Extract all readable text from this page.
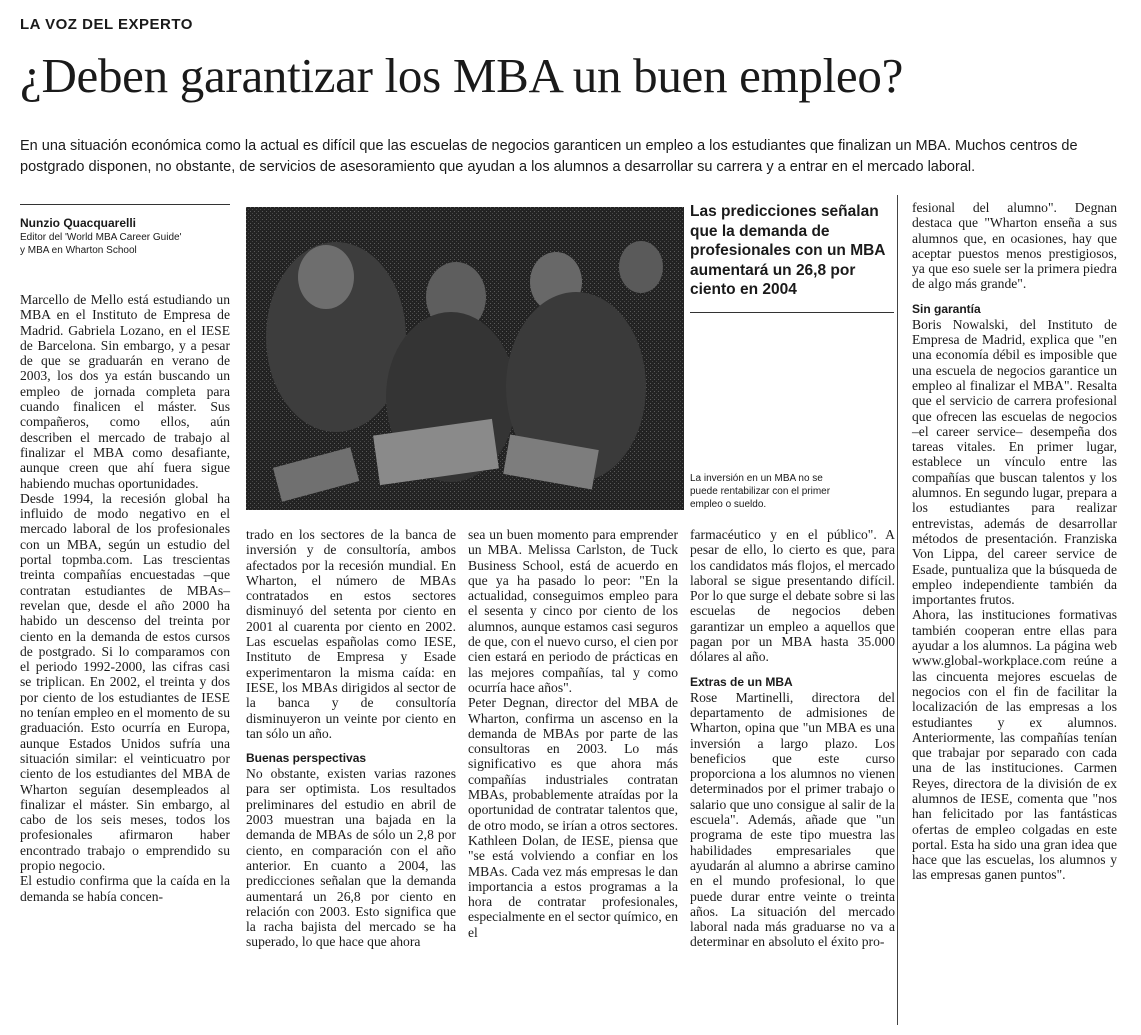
LA VOZ DEL EXPERTO
¿Deben garantizar los MBA un buen empleo?
En una situación económica como la actual es difícil que las escuelas de negocios garanticen un empleo a los estudiantes que finalizan un MBA. Muchos centros de postgrado disponen, no obstante, de servicios de asesoramiento que ayudan a los alumnos a desarrollar su carrera y a entrar en el mercado laboral.
Nunzio Quacquarelli
Editor del 'World MBA Career Guide'
y MBA en Wharton School

Marcello de Mello está estudiando un MBA en el Instituto de Empresa de Madrid. Gabriela Lozano, en el IESE de Barcelona. Sin embargo, y a pesar de que se graduarán en verano de 2003, los dos ya están buscando un empleo de jornada completa para cuando finalicen el máster. Sus compañeros, como ellos, aún describen el mercado de trabajo al finalizar el MBA como desafiante, aunque creen que ahí fuera sigue habiendo muchas oportunidades.

Desde 1994, la recesión global ha influido de modo negativo en el mercado laboral de los profesionales con un MBA, según un estudio del portal topmba.com. Las trescientas treinta compañías encuestadas –que contratan estudiantes de MBAs– revelan que, desde el año 2000 ha habido un descenso del treinta por ciento en la demanda de estos cursos de postgrado. Si lo comparamos con el periodo 1992-2000, las cifras casi se triplican. En 2002, el treinta y dos por ciento de los estudiantes de IESE no tenían empleo en el momento de su graduación. Esto ocurría en Europa, aunque Estados Unidos sufría una situación similar: el veinticuatro por ciento de los estudiantes del MBA de Wharton seguían desempleados al finalizar el máster. Sin embargo, al cabo de los seis meses, todos los profesionales afirmaron haber encontrado trabajo o emprendido su propio negocio.

El estudio confirma que la caída en la demanda se había concen-

Las predicciones señalan que la demanda de profesionales con un MBA aumentará un 26,8 por ciento en 2004
La inversión en un MBA no se puede rentabilizar con el primer empleo o sueldo.

trado en los sectores de la banca de inversión y de consultoría, ambos afectados por la recesión mundial. En Wharton, el número de MBAs contratados en estos sectores disminuyó del setenta por ciento en 2001 al cuarenta por ciento en 2002. Las escuelas españolas como IESE, Instituto de Empresa y Esade experimentaron la misma caída: en IESE, los MBAs dirigidos al sector de la banca y de consultoría disminuyeron un veinte por ciento en tan sólo un año.

Buenas perspectivas

No obstante, existen varias razones para ser optimista. Los resultados preliminares del estudio en abril de 2003 muestran una bajada en la demanda de MBAs de sólo un 2,8 por ciento, en comparación con el año anterior. En cuanto a 2004, las predicciones señalan que la demanda aumentará un 26,8 por ciento en relación con 2003. Esto significa que la racha bajista del mercado se ha superado, lo que hace que ahora

sea un buen momento para emprender un MBA. Melissa Carlston, de Tuck Business School, está de acuerdo en que ya ha pasado lo peor: "En la actualidad, conseguimos empleo para el sesenta y cinco por ciento de los alumnos, aunque estamos casi seguros de que, con el nuevo curso, el cien por cien estará en periodo de prácticas en las mejores compañías, tal y como ocurría hace años".

Peter Degnan, director del MBA de Wharton, confirma un ascenso en la demanda de MBAs por parte de las consultoras en 2003. Lo más significativo es que ahora más compañías industriales contratan MBAs, probablemente atraídas por la oportunidad de contratar talentos que, de otro modo, se irían a otros sectores. Kathleen Dolan, de IESE, piensa que "se está volviendo a confiar en los MBAs. Cada vez más empresas le dan importancia a estos programas a la hora de contratar profesionales, especialmente en el sector químico, en el

farmacéutico y en el público". A pesar de ello, lo cierto es que, para los candidatos más flojos, el mercado laboral se sigue presentando difícil. Por lo que surge el debate sobre si las escuelas de negocios deben garantizar un empleo a aquellos que pagan por un MBA hasta 35.000 dólares al año.

Extras de un MBA

Rose Martinelli, directora del departamento de admisiones de Wharton, opina que "un MBA es una inversión a largo plazo. Los beneficios que este curso proporciona a los alumnos no vienen determinados por el primer trabajo o salario que uno consigue al salir de la escuela". Además, añade que "un programa de este tipo muestra las habilidades empresariales que ayudarán al alumno a abrirse camino en el mundo profesional, lo que puede durar entre veinte o treinta años. La situación del mercado laboral nada más graduarse no va a determinar en absoluto el éxito pro-

fesional del alumno". Degnan destaca que "Wharton enseña a sus alumnos que, en ocasiones, hay que aceptar puestos menos prestigiosos, ya que eso suele ser la primera piedra de algo más grande".

Sin garantía

Boris Nowalski, del Instituto de Empresa de Madrid, explica que "en una economía débil es imposible que una escuela de negocios garantice un empleo al finalizar el MBA". Resalta que el servicio de carrera profesional que ofrecen las escuelas de negocios –el career service– desempeña dos tareas vitales. En primer lugar, establece un vínculo entre las compañías que buscan talentos y los alumnos. En segundo lugar, prepara a los estudiantes para realizar entrevistas, además de desarrollar métodos de presentación. Franziska Von Lippa, del career service de Esade, puntualiza que la búsqueda de empleo independiente también da importantes frutos.

Ahora, las instituciones formativas también cooperan entre ellas para ayudar a los alumnos. La página web www.global-workplace.com reúne a las cincuenta mejores escuelas de negocios con el fin de facilitar la localización de las empresas a los estudiantes y ex alumnos. Anteriormente, las compañías tenían que trabajar por separado con cada una de las instituciones. Carmen Reyes, directora de la división de ex alumnos de IESE, comenta que "nos han felicitado por las fantásticas ofertas de empleo colgadas en este portal. Esta ha sido una gran idea que hace que las escuelas, los alumnos y las empresas ganen puntos".
